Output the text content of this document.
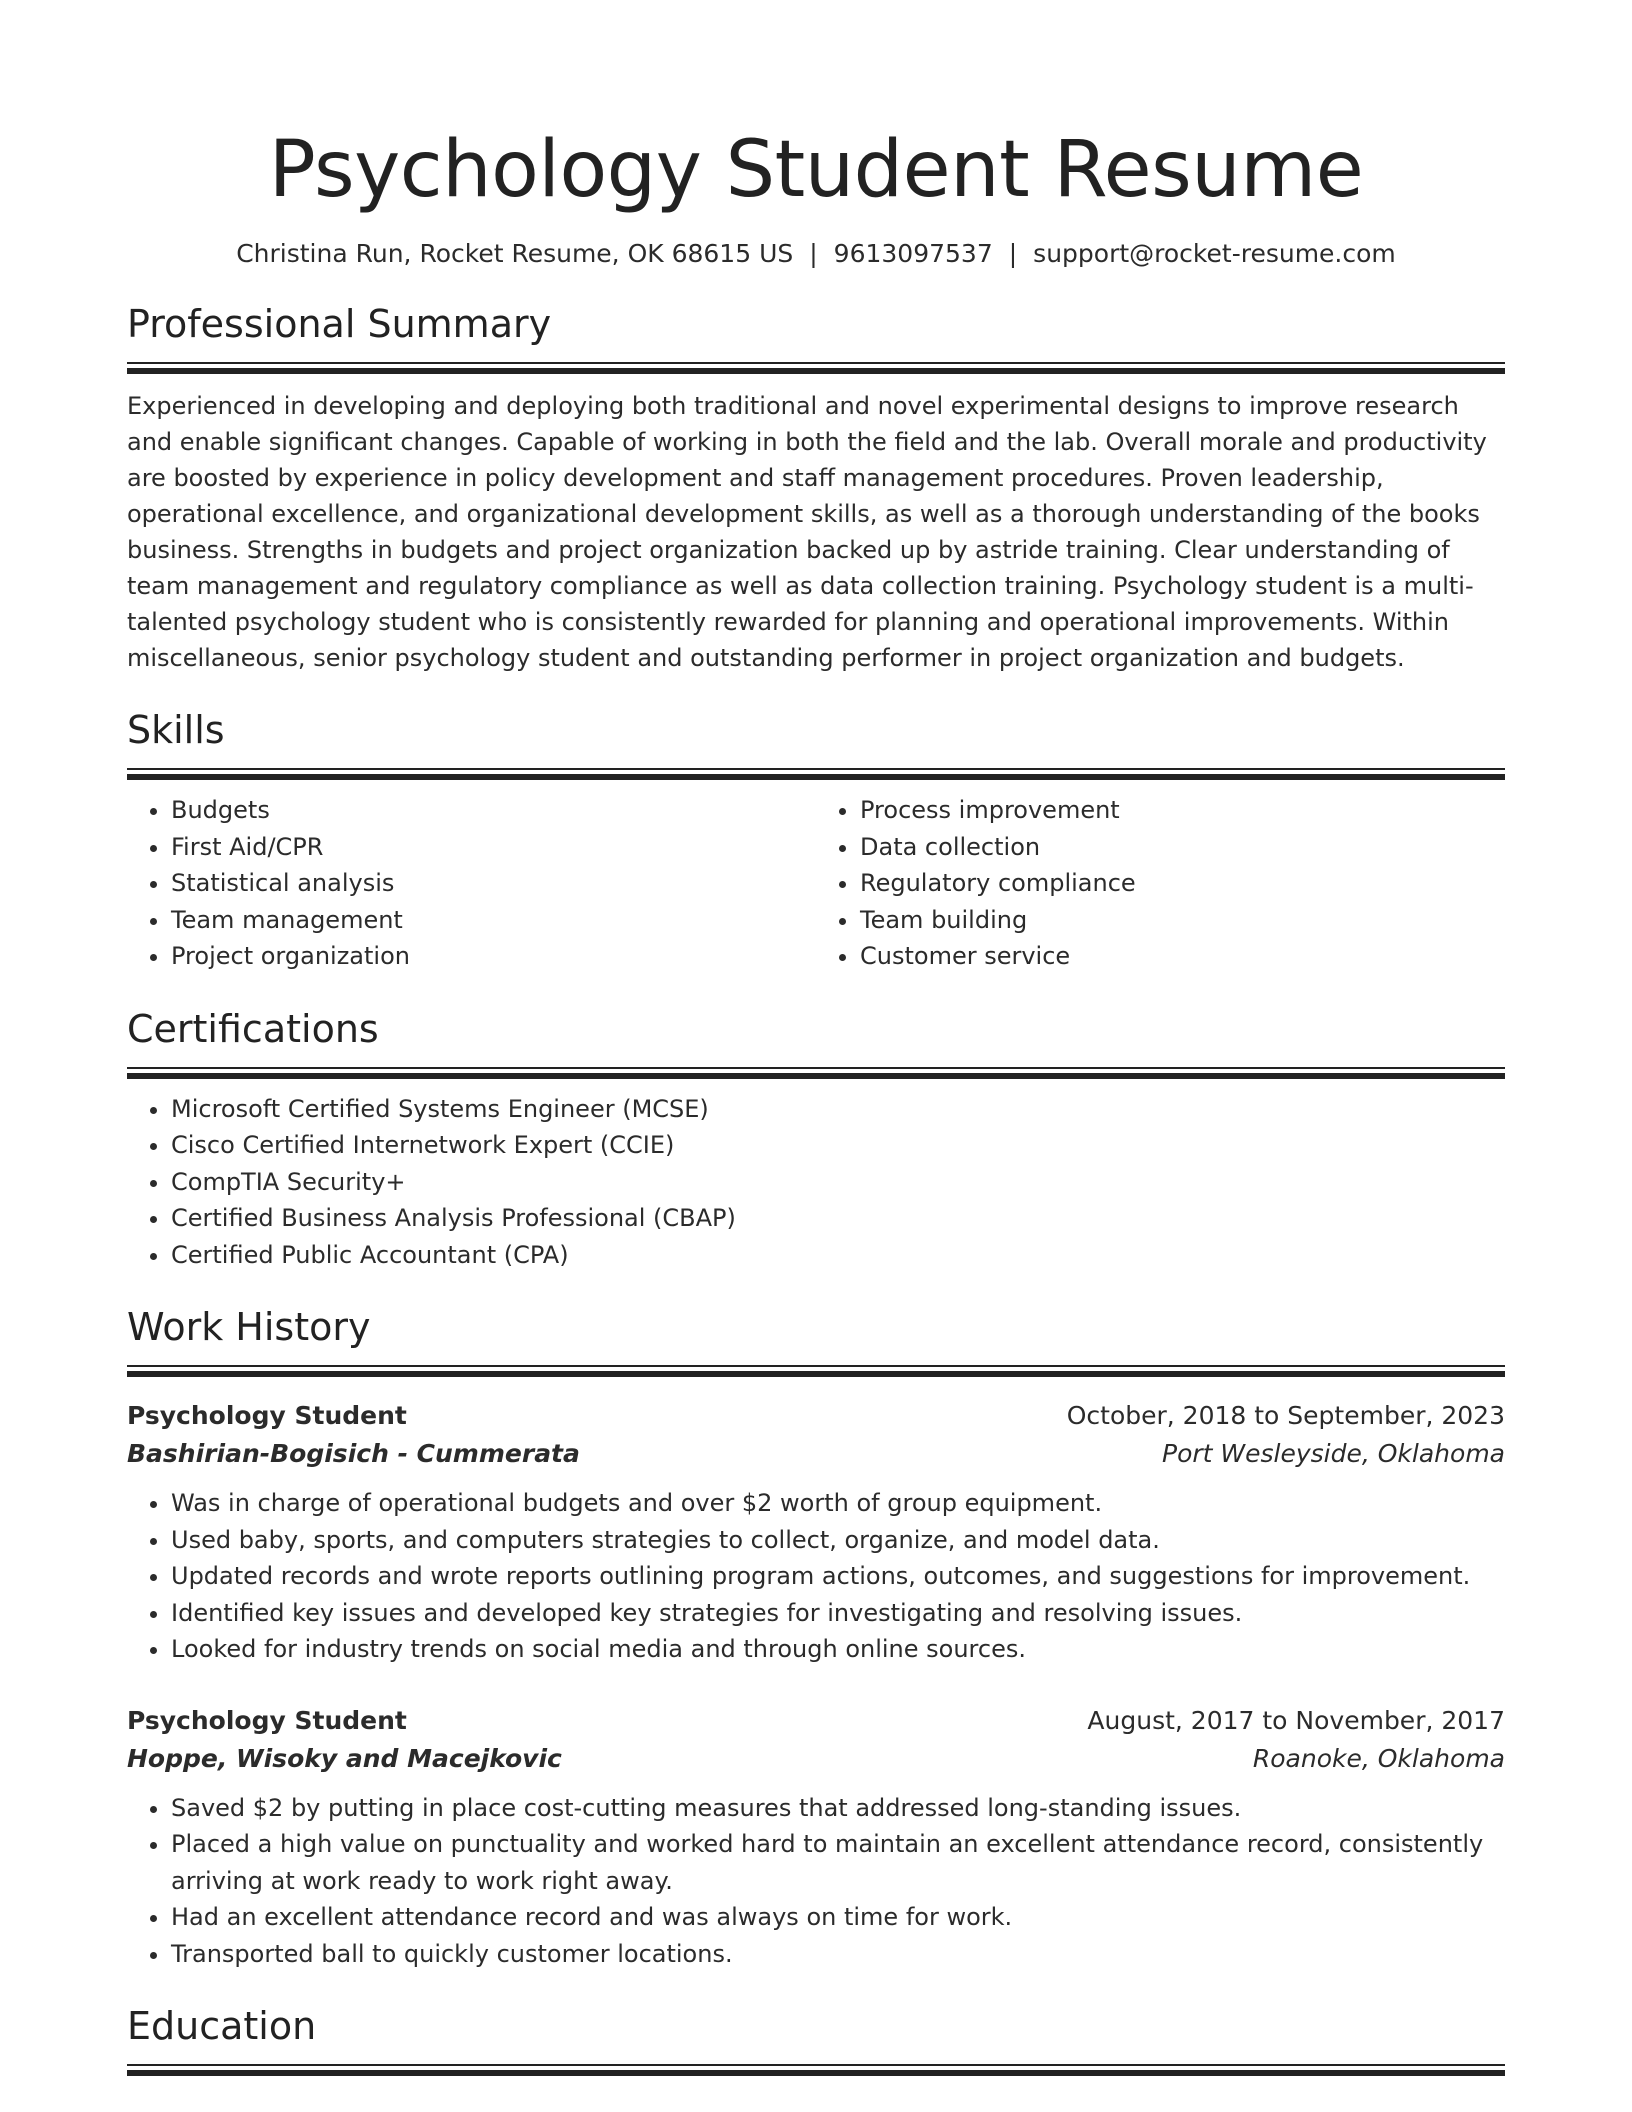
Psychology Student Resume
Christina Run, Rocket Resume, OK 68615 US | 9613097537 | support@rocket-resume.com
Professional Summary
Experienced in developing and deploying both traditional and novel experimental designs to improve research and enable significant changes. Capable of working in both the field and the lab. Overall morale and productivity are boosted by experience in policy development and staff management procedures. Proven leadership, operational excellence, and organizational development skills, as well as a thorough understanding of the books business. Strengths in budgets and project organization backed up by astride training. Clear understanding of team management and regulatory compliance as well as data collection training. Psychology student is a multi-talented psychology student who is consistently rewarded for planning and operational improvements. Within miscellaneous, senior psychology student and outstanding performer in project organization and budgets.
Skills
• Budgets
• First Aid/CPR
• Statistical analysis
• Team management
• Project organization
• Process improvement
• Data collection
• Regulatory compliance
• Team building
• Customer service
Certifications
• Microsoft Certified Systems Engineer (MCSE)
• Cisco Certified Internetwork Expert (CCIE)
• CompTIA Security+
• Certified Business Analysis Professional (CBAP)
• Certified Public Accountant (CPA)
Work History
Psychology Student	October, 2018 to September, 2023
Bashirian-Bogisich - Cummerata	Port Wesleyside, Oklahoma
• Was in charge of operational budgets and over $2 worth of group equipment.
• Used baby, sports, and computers strategies to collect, organize, and model data.
• Updated records and wrote reports outlining program actions, outcomes, and suggestions for improvement.
• Identified key issues and developed key strategies for investigating and resolving issues.
• Looked for industry trends on social media and through online sources.
Psychology Student	August, 2017 to November, 2017
Hoppe, Wisoky and Macejkovic	Roanoke, Oklahoma
• Saved $2 by putting in place cost-cutting measures that addressed long-standing issues.
• Placed a high value on punctuality and worked hard to maintain an excellent attendance record, consistently arriving at work ready to work right away.
• Had an excellent attendance record and was always on time for work.
• Transported ball to quickly customer locations.
Education
